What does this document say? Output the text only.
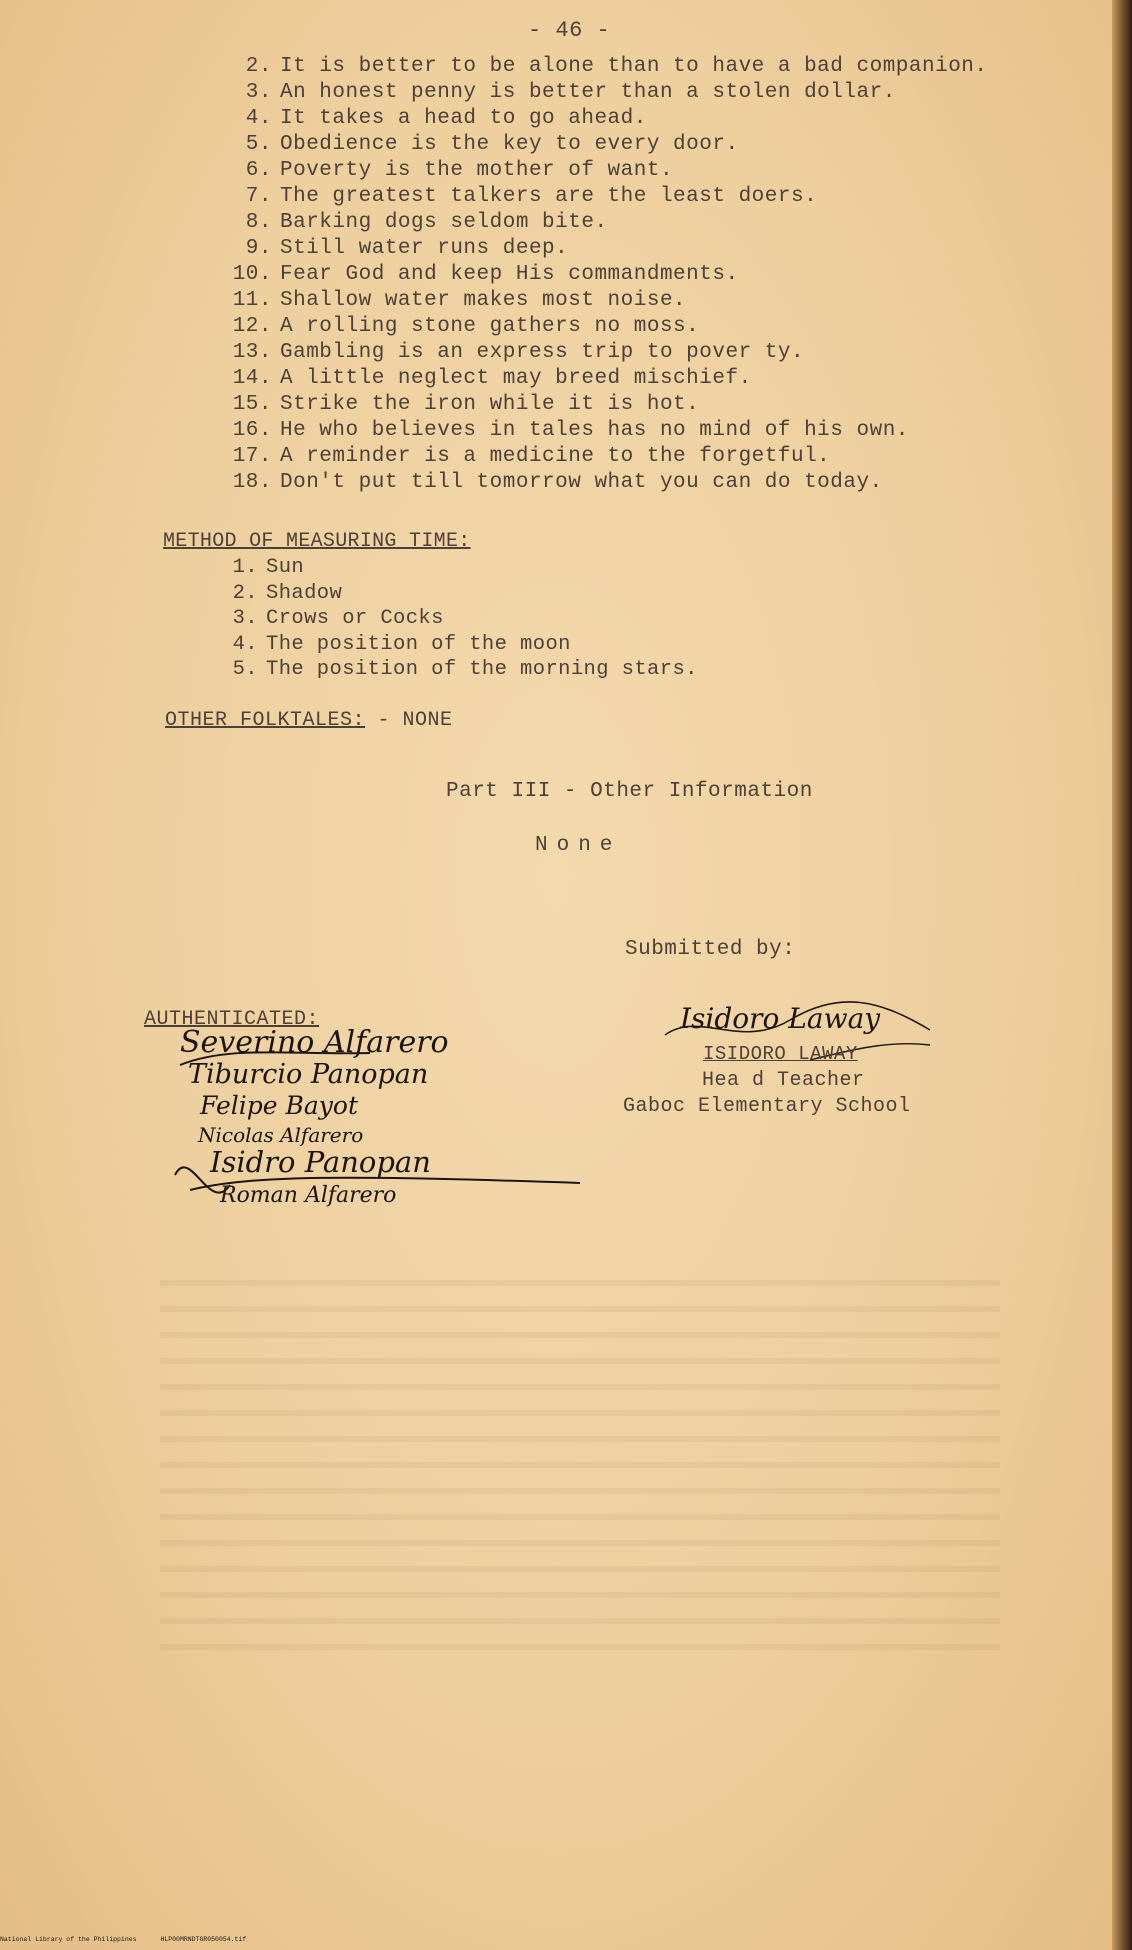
- 46 -
2. It is better to be alone than to have a bad companion.
3. An honest penny is better than a stolen dollar.
4. It takes a head to go ahead.
5. Obedience is the key to every door.
6. Poverty is the mother of want.
7. The greatest talkers are the least doers.
8. Barking dogs seldom bite.
9. Still water runs deep.
10. Fear God and keep His commandments.
11. Shallow water makes most noise.
12. A rolling stone gathers no moss.
13. Gambling is an express trip to pover ty.
14. A little neglect may breed mischief.
15. Strike the iron while it is hot.
16. He who believes in tales has no mind of his own.
17. A reminder is a medicine to the forgetful.
18. Don't put till tomorrow what you can do today.
METHOD OF MEASURING TIME:
1. Sun
2. Shadow
3. Crows or Cocks
4. The position of the moon
5. The position of the morning stars.
OTHER FOLKTALES: - NONE
Part III - Other Information
None
Submitted by:
AUTHENTICATED:
Severino Alfarero
Tiburcio Panopan
Felipe Bayot
Nicolas Alfarero
Isidro Panopan
Roman Alfarero
Isidoro Laway
ISIDORO LAWAY
Hea d Teacher
Gaboc Elementary School
National Library of the Philippines	HLP00MRNDTGR050054.tif
